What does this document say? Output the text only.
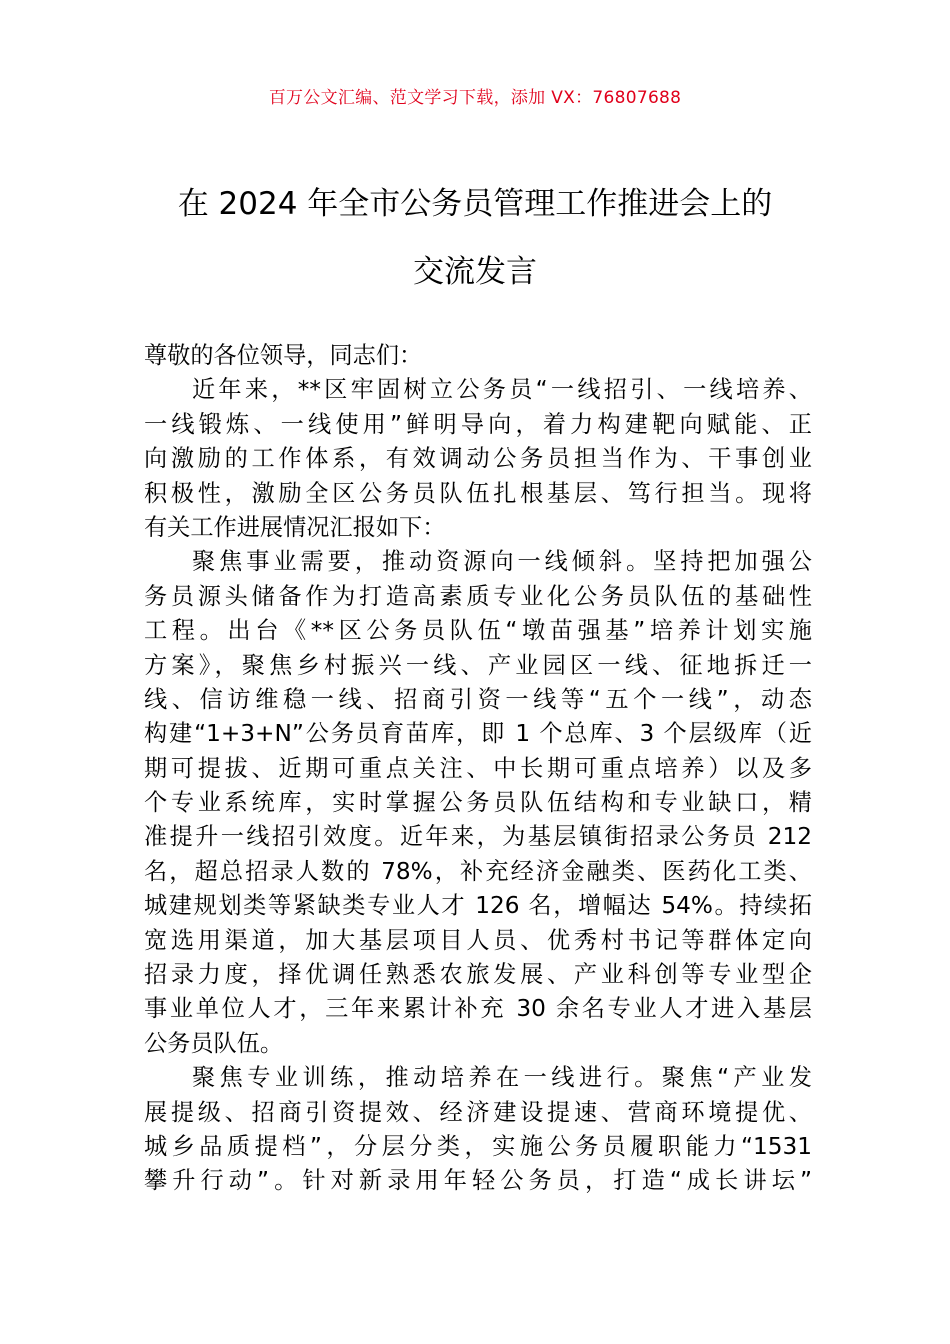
百万公文汇编、范文学习下载，添加 VX：76807688
在 2024 年全市公务员管理工作推进会上的
交流发言
尊敬的各位领导，同志们：
近年来，**区牢固树立公务员“一线招引、一线培养、
一线锻炼、一线使用”鲜明导向，着力构建靶向赋能、正
向激励的工作体系，有效调动公务员担当作为、干事创业
积极性，激励全区公务员队伍扎根基层、笃行担当。现将
有关工作进展情况汇报如下：
聚焦事业需要，推动资源向一线倾斜。坚持把加强公
务员源头储备作为打造高素质专业化公务员队伍的基础性
工程。出台《**区公务员队伍“墩苗强基”培养计划实施
方案》，聚焦乡村振兴一线、产业园区一线、征地拆迁一
线、信访维稳一线、招商引资一线等“五个一线”，动态
构建“1+3+N”公务员育苗库，即 1 个总库、3 个层级库（近
期可提拔、近期可重点关注、中长期可重点培养）以及多
个专业系统库，实时掌握公务员队伍结构和专业缺口，精
准提升一线招引效度。近年来，为基层镇街招录公务员 212
名，超总招录人数的 78%，补充经济金融类、医药化工类、
城建规划类等紧缺类专业人才 126 名，增幅达 54%。持续拓
宽选用渠道，加大基层项目人员、优秀村书记等群体定向
招录力度，择优调任熟悉农旅发展、产业科创等专业型企
事业单位人才，三年来累计补充 30 余名专业人才进入基层
公务员队伍。
聚焦专业训练，推动培养在一线进行。聚焦“产业发
展提级、招商引资提效、经济建设提速、营商环境提优、
城乡品质提档”，分层分类，实施公务员履职能力“1531
攀升行动”。针对新录用年轻公务员，打造“成长讲坛”
